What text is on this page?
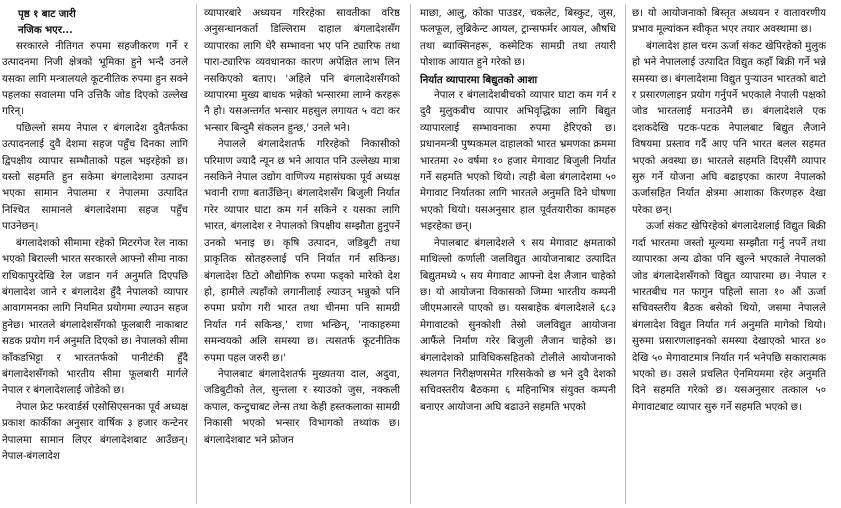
पृष्ठ १ बाट जारी
नजिक भएर...

सरकारले नीतिगत रुपमा सहजीकरण गर्ने र उत्पादनमा निजी क्षेत्रको भूमिका हुने भन्दै उनले यसका लागि मन्त्रालयले कूटनीतिक रुपमा हुन सक्ने पहलका सवालमा पनि उत्तिकै जोड दिएको उल्लेख गरिन्।

पछिल्लो समय नेपाल र बंगलादेश दुवैतर्फका उत्पादनलाई दुवै देशमा सहज पहुँच दिनका लागि द्विपक्षीय व्यापार सम्भौताको पहल भइरहेको छ। यस्तो सहमति हुन सकेमा बंगलादेशमा उत्पादन भएका सामान नेपालमा र नेपालमा उत्पादित निश्चित सामानले बंगलादेशमा सहज पहुँच पाउनेछन्।

बंगलादेशको सीमामा रहेको मिटरगेज रेल नाका भएको बिराल्ली भारत सरकारले आफ्नो सीमा नाका राधिकापुरदेखि रेल जडान गर्न अनुमति दिएपछि बंगलादेश जाने र बंगलादेश हुँदै नेपालको व्यापार आवागमनका लागि नियमित प्रयोगमा ल्याउन सहज हुनेछ। भारतले बंगलादेशसँगको फूलबारी नाकाबाट सडक प्रयोग गर्न अनुमति दिएको छ। नेपालको सीमा काँकडभिट्टा र भारततर्फको पानीटंकी हुँदै बंगलादेशसँगको भारतीय सीमा फूलबारी मार्गले नेपाल र बंगलादेशलाई जोडेको छ।

नेपाल फ्रेट फरवार्डर्स एसोसिएसनका पूर्व अध्यक्ष प्रकाश कार्कीका अनुसार वार्षिक ३ हजार कन्टेनर नेपालमा सामान लिएर बंगलादेशबाट आउँछन्। नेपाल-बंगलादेश

व्यापारबारे अध्ययन गरिरहेका सावतीका वरिष्ठ अनुसन्धानकर्ता डिल्लिराम दाहाल बंगलादेशसँग व्यापारका लागि धेरै सम्भावना भए पनि ट्यारिफ तथा पारा-ट्यारिफ व्यवधानका कारण अपेक्षित लाभ लिन नसकिएको बताए। 'अहिले पनि बंगलादेशसँगको व्यापारमा मुख्य बाधक भन्नेको भन्सारमा लाग्ने करहरू नै हो। यसअन्तर्गत भन्सार महसुल लगायत ५ वटा कर भन्सार बिन्दुमै संकलन हुन्छ,' उनले भने।

नेपालले बंगलादेशतर्फ गरिरहेको निकासीको परिमाण ज्यादै न्यून छ भने आयात पनि उल्लेख्य मात्रा नसकिने नेपाल उद्योग वाणिज्य महासंघका पूर्व अध्यक्ष भवानी राणा बताउँछिन्। बंगलादेशसँग बिजुली निर्यात गरेर व्यापार घाटा कम गर्न सकिने र यसका लागि भारत, बंगलादेश र नेपालको त्रिपक्षीय सम्झौता हुनुपर्ने उनको भनाइ छ। कृषि उत्पादन, जडिबुटी तथा प्राकृतिक स्रोतहरुलाई पनि निर्यात गर्न सकिन्छ। बंगलादेश ठिटो औद्योगिक रुपमा फड्को मारेको देश हो, हामीले त्यहाँको लगानीलाई ल्याउन् भन्नुको पनि रुपमा प्रयोग गरी भारत तथा चीनमा पनि सामग्री निर्यात गर्न सकिन्छ,' राणा भन्छिन्, 'नाकाहरुमा समन्वयको अलि समस्या छ। त्यसतर्फ कूटनीतिक रुपमा पहल जरुरी छ।'

नेपालबाट बंगलादेशतर्फ मुख्यतया दाल, अदुवा, जडिबुटीको तेल, सुन्तला र स्याउको जुस, नक्कली कपाल, कन्टुचाबट लेन्स तथा केही हस्तकलाका सामग्री निकासी भएको भन्सार विभागको तथ्यांक छ। बंगलादेशबाट भने फ्रोजन

माछा, आलु, कोका पाउडर, चकलेट, बिस्कुट, जुस, फलफूल, लुब्रिकेन्ट आयल, ट्रान्सफर्मर आयल, औषधि तथा ब्याक्सिनहरू, कस्मेटिक सामग्री तथा तयारी पोशाक आयात हुने गरेको छ।

निर्यात व्यापारमा बिद्युतको आशा

नेपाल र बंगलादेशबीचको व्यापार घाटा कम गर्न र दुवै मुलुकबीच व्यापार अभिवृद्धिका लागि बिद्युत व्यापारलाई सम्भावनाका रुपमा हेरिएको छ। प्रधानमन्त्री पुष्पकमल दाहालको भारत भ्रमणका क्रममा भारतमा २० वर्षमा १० हजार मेगावाट बिजुली निर्यात गर्ने सहमति भएको थियो। त्यही बेला बंगलादेशमा ५० मेगावाट निर्यातका लागि भारतले अनुमति दिने घोषणा भएको थियो। यसअनुसार हाल पूर्वतयारीका कामहरु भइरहेका छन्।

नेपालबाट बंगलादेशले ९ सय मेगावाट क्षमताको माथिल्लो कर्णाली जलविद्युत आयोजनाबाट उत्पादित बिद्युतमध्ये ५ सय मेगावाट आफ्नो देश लैजान चाहेको छ। यो आयोजना विकासको जिम्मा भारतीय कम्पनी जीएमआरले पाएको छ। यसबाहेक बंगलादेशले ६८३ मेगावाटको सुनकोशी तेस्रो जलविद्युत आयोजना आफैंले निर्माण गरेर बिजुली लैजान चाहेको छ। बंगलादेशको प्राविधिकसहितको टोलीले आयोजनाको स्थलगत निरीक्षणसमेत गरिसकेको छ भने दुवै देशको सचिवस्तरीय बैठकमा ६ महिनाभित्र संयुक्त कम्पनी बनाएर आयोजना अघि बढाउने सहमति भएको

छ। यो आयोजनाको बिस्तृत अध्ययन र वातावरणीय प्रभाव मूल्यांकन स्वीकृत भएर तयार अवस्थामा छ।

बंगलादेश हाल चरम ऊर्जा संकट खेपिरहेको मुलुक हो भने नेपाललाई उत्पादित विद्युत कहाँ बिक्री गर्ने भन्ने समस्या छ। बंगलादेशमा विद्युत पुऱ्याउन भारतको बाटो र प्रसारणलाइन प्रयोग गर्नुपर्ने भएकाले नेपाली पक्षको जोड भारतलाई मनाउनेमै छ। बंगलादेशले एक दशकदेखि पटक-पटक नेपालबाट बिद्युत लैजाने विषयमा प्रस्ताव गर्दै आए पनि भारत बलल सहमत भएको अवस्था छ। भारतले सहमति दिएसँगै व्यापार सुरु गर्ने योजना अघि बढाइएका कारण नेपालको ऊर्जासहित निर्यात क्षेत्रमा आशाका किरणहरु देखा परेका छन्।

ऊर्जा संकट खेपिरहेको बंगलादेशलाई विद्युत बिक्री गर्दा भारतमा जस्तो मूल्यमा सम्झौता गर्नु नपर्ने तथा व्यापारका अन्य ढोका पनि खुल्ने भएकाले नेपालको जोड बंगलादेशसँगको विद्युत व्यापारमा छ। नेपाल र भारतबीच गत फागुन पहिलो साता १० औं ऊर्जा सचिवस्तरीय बैठक बसेको थियो, जसमा नेपालले बंगलादेश विद्युत निर्यात गर्न अनुमति मागेको थियो। सुरुमा प्रसारणलाइनको समस्या देखाएको भारत ४० देखि ५० मेगावाटमात्र निर्यात गर्न भनेपछि सकारात्मक भएको छ। उसले प्रचलित ऐनमियममा रहेर अनुमति दिने सहमति गरेको छ। यसअनुसार तत्काल ५० मेगावाटबाट व्यापार सुरु गर्ने सहमति भएको छ।
